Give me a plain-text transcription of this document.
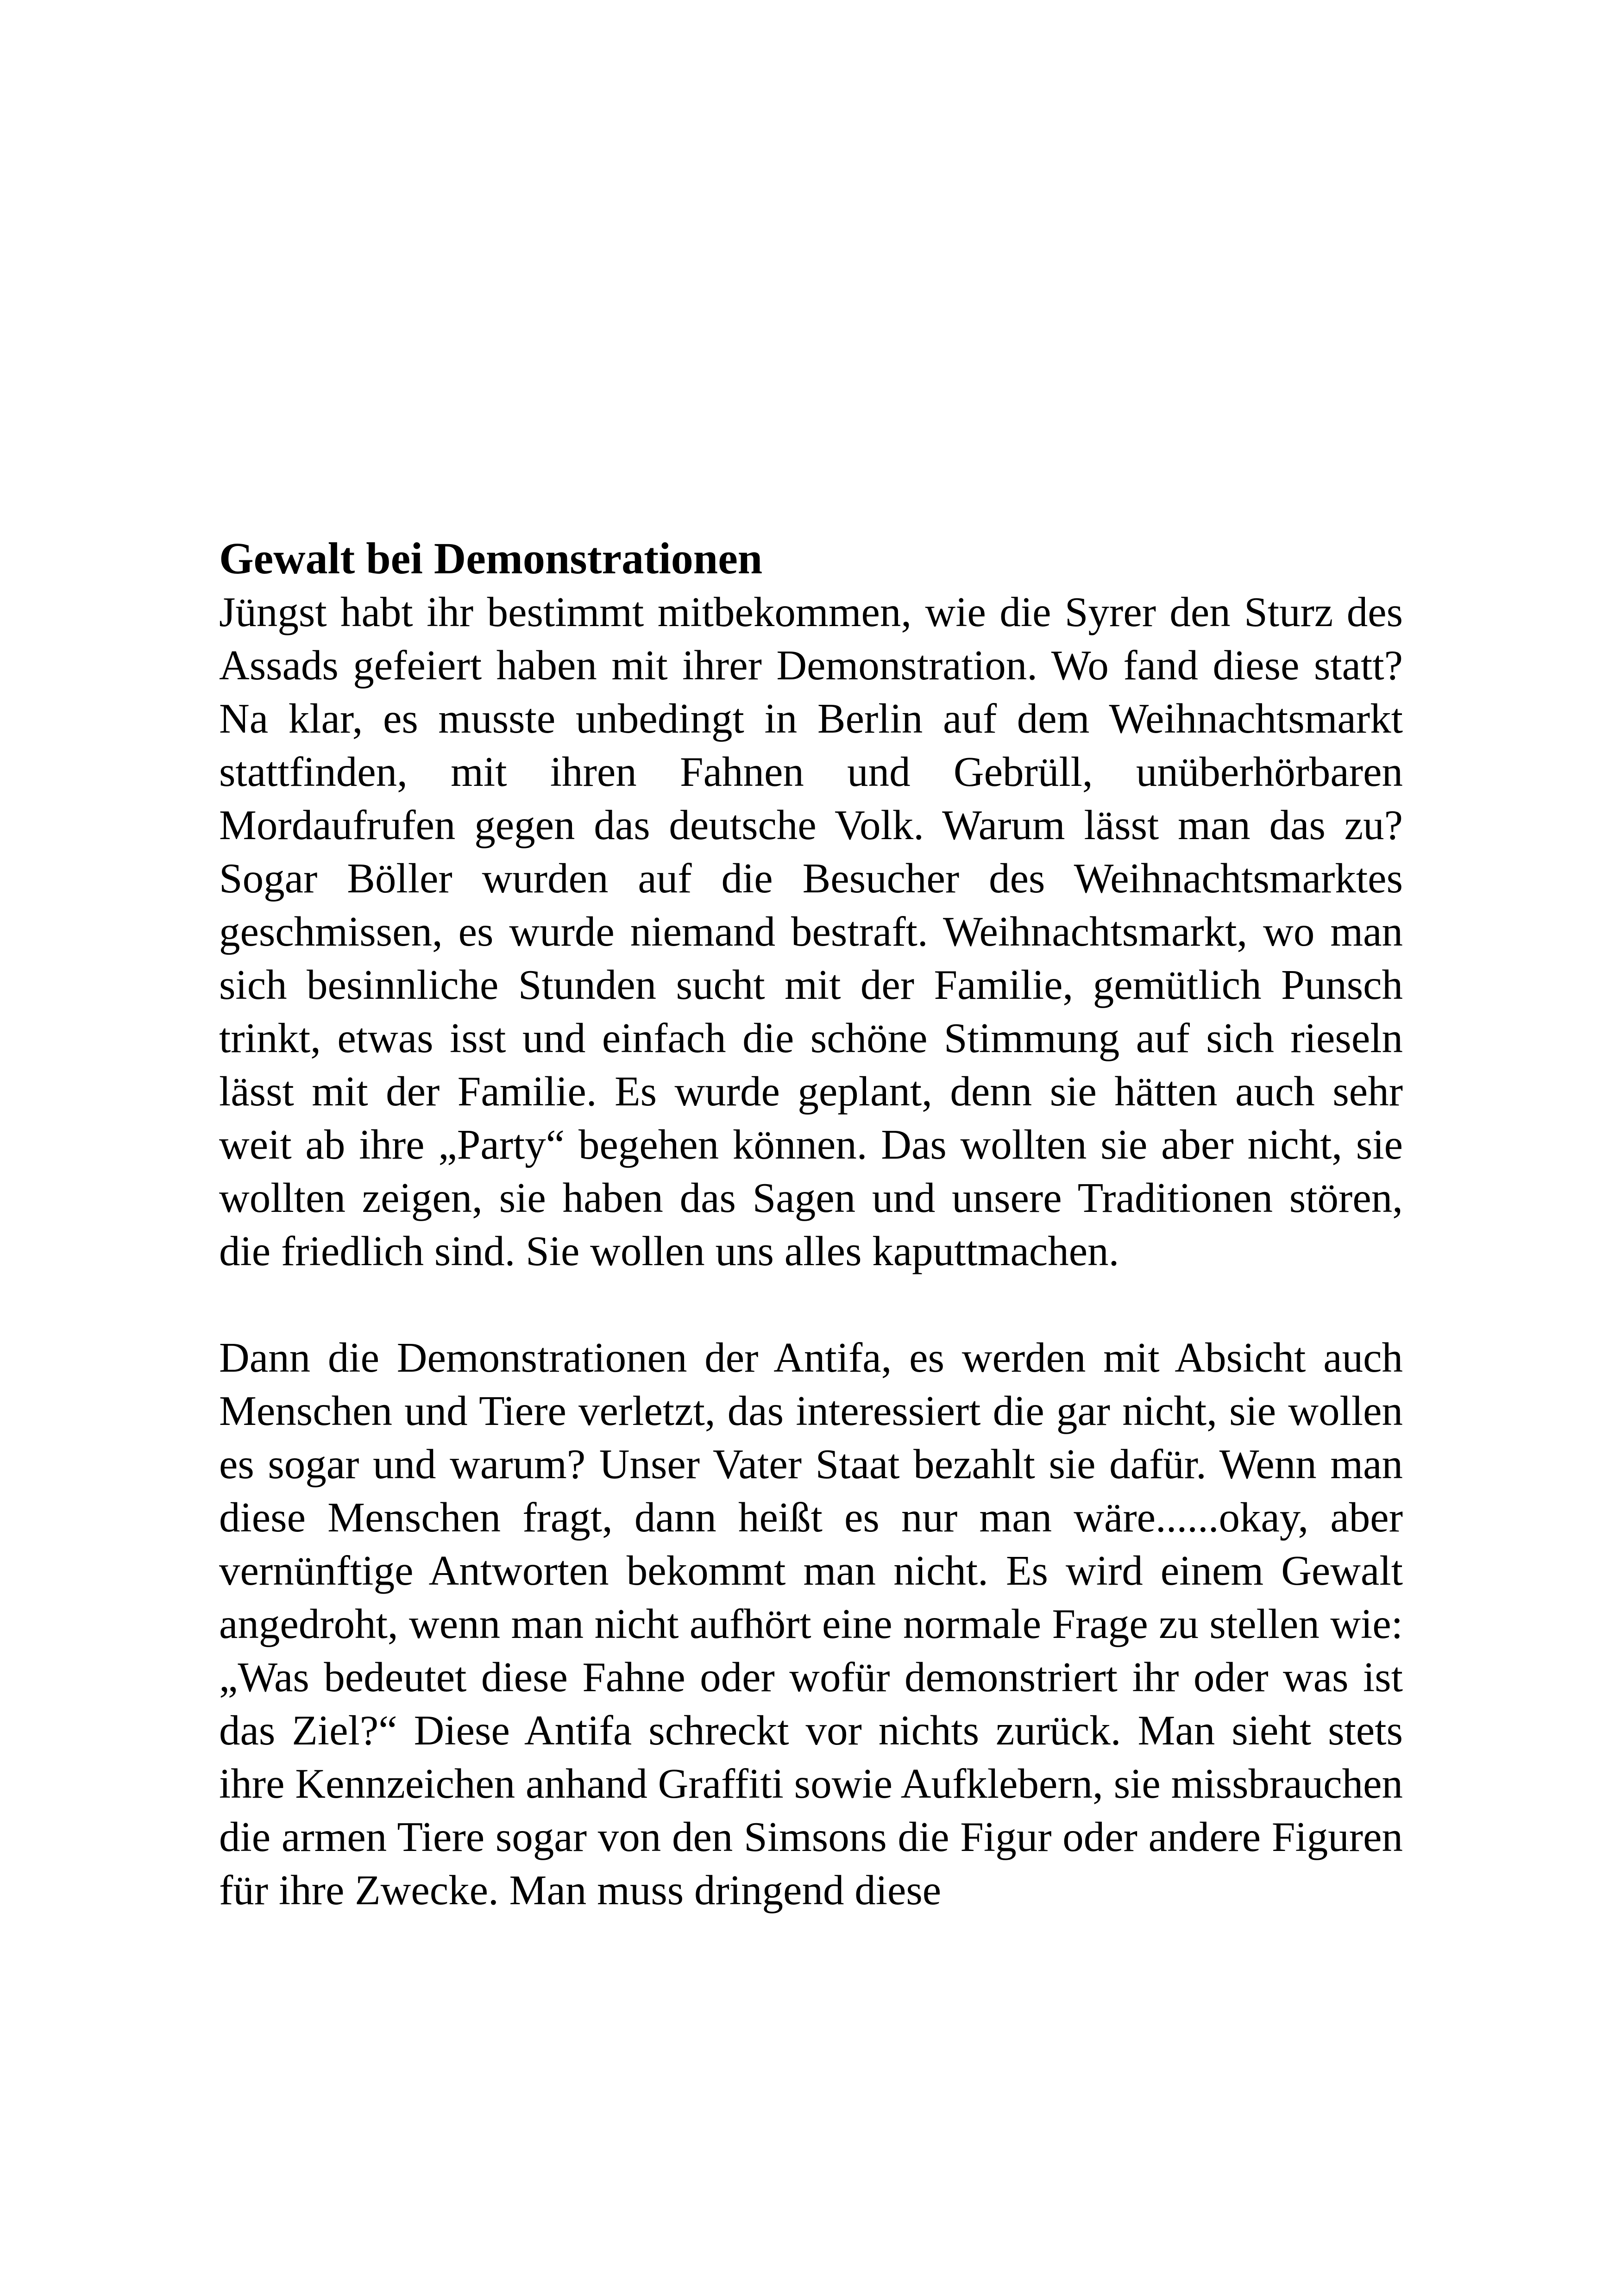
Gewalt bei Demonstrationen

Jüngst habt ihr bestimmt mitbekommen, wie die Syrer den Sturz des Assads gefeiert haben mit ihrer Demonstration. Wo fand diese statt? Na klar, es musste unbedingt in Berlin auf dem Weihnachtsmarkt stattfinden, mit ihren Fahnen und Gebrüll, unüberhörbaren Mordaufrufen gegen das deutsche Volk. Warum lässt man das zu? Sogar Böller wurden auf die Besucher des Weihnachtsmarktes geschmissen, es wurde niemand bestraft. Weihnachtsmarkt, wo man sich besinnliche Stunden sucht mit der Familie, gemütlich Punsch trinkt, etwas isst und einfach die schöne Stimmung auf sich rieseln lässt mit der Familie. Es wurde geplant, denn sie hätten auch sehr weit ab ihre „Party“ begehen können. Das wollten sie aber nicht, sie wollten zeigen, sie haben das Sagen und unsere Traditionen stören, die friedlich sind. Sie wollen uns alles kaputtmachen.

Dann die Demonstrationen der Antifa, es werden mit Absicht auch Menschen und Tiere verletzt, das interessiert die gar nicht, sie wollen es sogar und warum? Unser Vater Staat bezahlt sie dafür. Wenn man diese Menschen fragt, dann heißt es nur man wäre......okay, aber vernünftige Antworten bekommt man nicht. Es wird einem Gewalt angedroht, wenn man nicht aufhört eine normale Frage zu stellen wie: „Was bedeutet diese Fahne oder wofür demonstriert ihr oder was ist das Ziel?“ Diese Antifa schreckt vor nichts zurück. Man sieht stets ihre Kennzeichen anhand Graffiti sowie Aufklebern, sie missbrauchen die armen Tiere sogar von den Simsons die Figur oder andere Figuren für ihre Zwecke. Man muss dringend diese
